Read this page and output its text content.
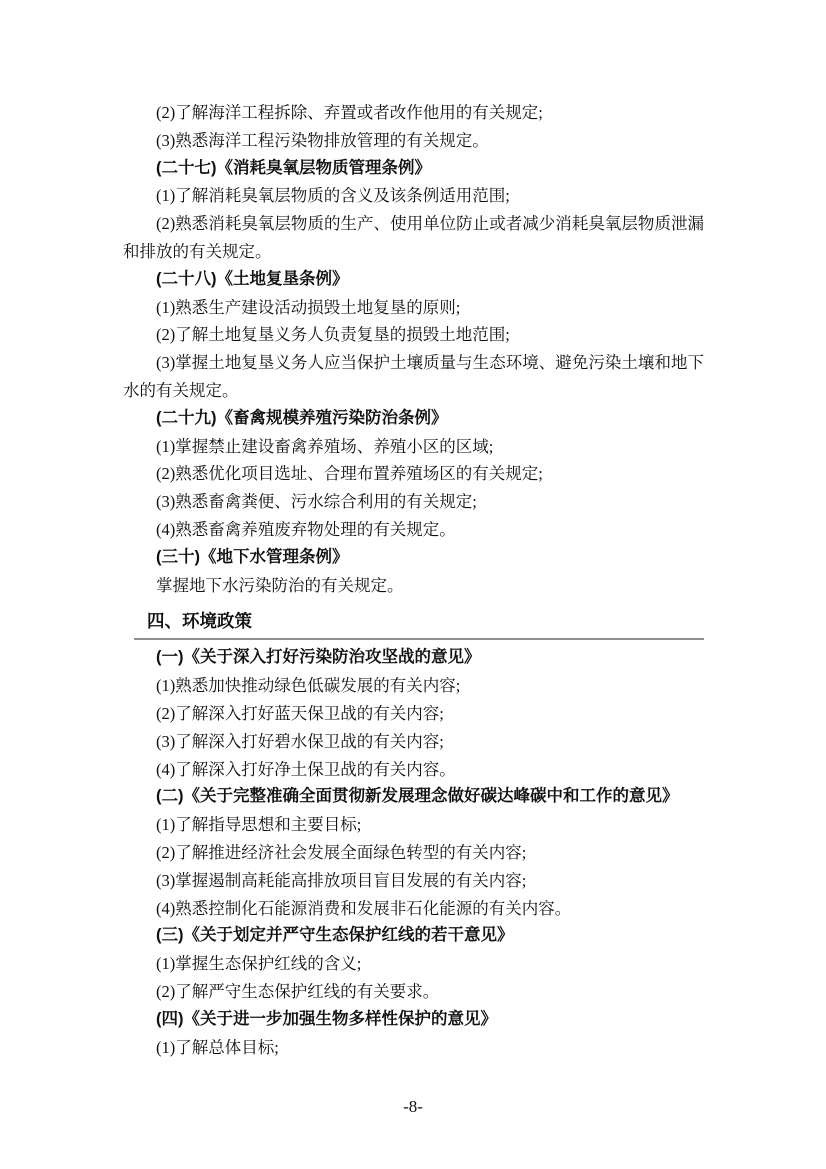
(2)了解海洋工程拆除、弃置或者改作他用的有关规定;

(3)熟悉海洋工程污染物排放管理的有关规定。

(二十七)《消耗臭氧层物质管理条例》

(1)了解消耗臭氧层物质的含义及该条例适用范围;

(2)熟悉消耗臭氧层物质的生产、使用单位防止或者减少消耗臭氧层物质泄漏和排放的有关规定。

(二十八)《土地复垦条例》

(1)熟悉生产建设活动损毁土地复垦的原则;

(2)了解土地复垦义务人负责复垦的损毁土地范围;

(3)掌握土地复垦义务人应当保护土壤质量与生态环境、避免污染土壤和地下水的有关规定。

(二十九)《畜禽规模养殖污染防治条例》

(1)掌握禁止建设畜禽养殖场、养殖小区的区域;

(2)熟悉优化项目选址、合理布置养殖场区的有关规定;

(3)熟悉畜禽粪便、污水综合利用的有关规定;

(4)熟悉畜禽养殖废弃物处理的有关规定。

(三十)《地下水管理条例》

掌握地下水污染防治的有关规定。

四、环境政策

(一)《关于深入打好污染防治攻坚战的意见》

(1)熟悉加快推动绿色低碳发展的有关内容;

(2)了解深入打好蓝天保卫战的有关内容;

(3)了解深入打好碧水保卫战的有关内容;

(4)了解深入打好净土保卫战的有关内容。

(二)《关于完整准确全面贯彻新发展理念做好碳达峰碳中和工作的意见》

(1)了解指导思想和主要目标;

(2)了解推进经济社会发展全面绿色转型的有关内容;

(3)掌握遏制高耗能高排放项目盲目发展的有关内容;

(4)熟悉控制化石能源消费和发展非石化能源的有关内容。

(三)《关于划定并严守生态保护红线的若干意见》

(1)掌握生态保护红线的含义;

(2)了解严守生态保护红线的有关要求。

(四)《关于进一步加强生物多样性保护的意见》

(1)了解总体目标;

-8-
